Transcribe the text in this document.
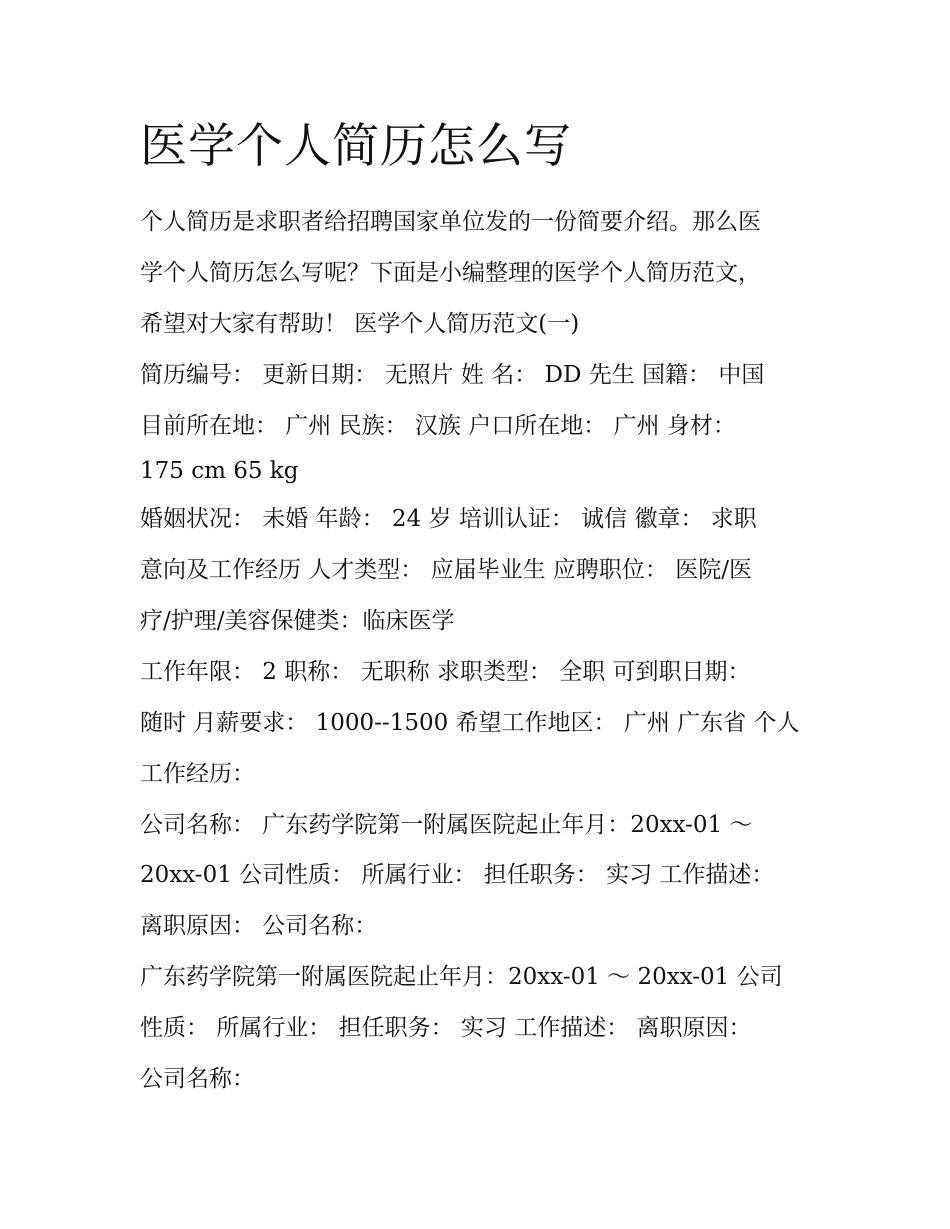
医学个人简历怎么写

个人简历是求职者给招聘国家单位发的一份简要介绍。那么医

学个人简历怎么写呢？下面是小编整理的医学个人简历范文，

希望对大家有帮助！ 医学个人简历范文(一)

简历编号： 更新日期： 无照片 姓 名： DD 先生 国籍： 中国

目前所在地： 广州 民族： 汉族 户口所在地： 广州 身材：

175 cm 65 kg

婚姻状况： 未婚 年龄： 24 岁 培训认证： 诚信 徽章： 求职

意向及工作经历 人才类型： 应届毕业生 应聘职位： 医院/医

疗/护理/美容保健类：临床医学

工作年限： 2 职称： 无职称 求职类型： 全职 可到职日期：

随时 月薪要求： 1000--1500 希望工作地区： 广州 广东省 个人

工作经历：

公司名称： 广东药学院第一附属医院起止年月：20xx-01 ～

20xx-01 公司性质： 所属行业： 担任职务： 实习 工作描述：

离职原因： 公司名称：

广东药学院第一附属医院起止年月：20xx-01 ～ 20xx-01 公司

性质： 所属行业： 担任职务： 实习 工作描述： 离职原因：

公司名称：
